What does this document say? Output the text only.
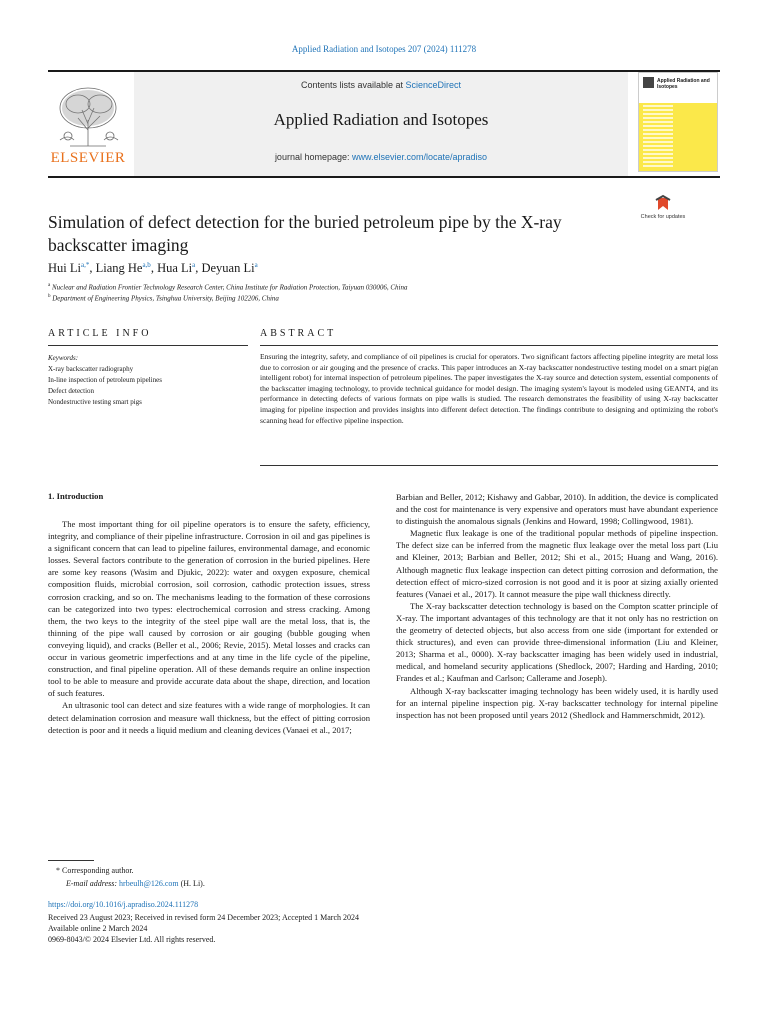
Applied Radiation and Isotopes 207 (2024) 111278
ELSEVIER
Contents lists available at ScienceDirect
Applied Radiation and Isotopes
journal homepage: www.elsevier.com/locate/apradiso
Applied Radiation and Isotopes
Simulation of defect detection for the buried petroleum pipe by the X-ray backscatter imaging
Check for updates
Hui $Li^{a,*}$, Liang He$^{a,b}$, Hua Li$^a$, Deyuan Li$^a$
$^a$ Nuclear and Radiation Frontier Technology Research Center, China Institute for Radiation Protection, Taiyuan 030006, China
$^b$ Department of Engineering Physics, Tsinghua University, Beijing 102206, China
ARTICLE INFO	ABSTRACT
Keywords:
X-ray backscatter radiography
In-line inspection of petroleum pipelines
Defect detection
Nondestructive testing smart pigs
Ensuring the integrity, safety, and compliance of oil pipelines is crucial for operators. Two significant factors affecting pipeline integrity are metal loss due to corrosion or air gouging and the presence of cracks. This paper introduces an X-ray backscatter nondestructive testing model on a smart pig(an intelligent robot) for internal inspection of petroleum pipelines. The paper investigates the X-ray source and detection system, essential components of the backscatter imaging technology, to provide technical guidance for model design. The imaging system's layout is modeled using GEANT4, and its performance in detecting defects of various formats on pipe walls is studied. The research demonstrates the feasibility of using X-ray backscatter imaging for pipeline inspection and provides insights into different defect detection. The findings contribute to designing and optimizing the robot's scanning head for effective pipeline inspection.
1. Introduction

The most important thing for oil pipeline operators is to ensure the safety, efficiency, integrity, and compliance of their pipeline infrastructure. Corrosion in oil and gas pipelines is a significant concern that can lead to pipeline failures, environmental damage, and economic losses. Several factors contribute to the generation of corrosion in the buried pipelines. Here are some key reasons (Wasim and Djukic, 2022): water and oxygen exposure, chemical composition fluids, microbial corrosion, soil corrosion, cathodic protection issues, stress corrosion cracking, and so on. The mechanisms leading to the formation of these corrosions can be categorized into two types: electrochemical corrosion and stress cracking. Among them, the two keys to the integrity of the steel pipe wall are the metal loss, that is, the thinning of the pipe wall caused by corrosion or air gouging (bubble gouging when conveying liquid), and cracks (Beller et al., 2006; Revie, 2015). Metal losses and cracks can occur in various geometric imperfections and at any time in the life cycle of the pipeline, construction, and final pipeline operation. All of these demands require an online inspection tool to be able to measure and provide accurate data about the shape, direction, and location of such features.

An ultrasonic tool can detect and size features with a wide range of morphologies. It can detect delamination corrosion and measure wall thickness, but the effect of pitting corrosion detection is poor and it needs a liquid medium and cleaning devices (Vanaei et al., 2017;

Barbian and Beller, 2012; Kishawy and Gabbar, 2010). In addition, the device is complicated and the cost for maintenance is very expensive and operators must have abundant experience to distinguish the anomalous signals (Jenkins and Howard, 1998; Collingwood, 1981).

Magnetic flux leakage is one of the traditional popular methods of pipeline inspection. The defect size can be inferred from the magnetic flux leakage over the metal loss part (Liu and Kleiner, 2013; Barbian and Beller, 2012; Shi et al., 2015; Huang and Wang, 2016). Although magnetic flux leakage inspection can detect pitting corrosion and deformation, the detection effect of micro-sized corrosion is not good and it is poor at sizing axially oriented features (Vanaei et al., 2017). It cannot measure the pipe wall thickness directly.

The X-ray backscatter detection technology is based on the Compton scatter principle of X-ray. The important advantages of this technology are that it not only has no restriction on the geometry of detected objects, but also access from one side (important for extended or thick structures), and even can provide three-dimensional information (Liu and Kleiner, 2013; Sharma et al., 0000). X-ray backscatter imaging has been widely used in industrial, medical, and homeland security applications (Shedlock, 2007; Harding and Harding, 2010; Frandes et al.; Kaufman and Carlson; Callerame and Joseph).

Although X-ray backscatter imaging technology has been widely used, it is hardly used for an internal pipeline inspection pig. X-ray backscatter technology for internal pipeline inspection has not been proposed until years 2012 (Shedlock and Hammerschmidt, 2012).

* Corresponding author.
E-mail address: hrbeulh@126.com (H. Li).
https://doi.org/10.1016/j.apradiso.2024.111278
Received 23 August 2023; Received in revised form 24 December 2023; Accepted 1 March 2024
Available online 2 March 2024
0969-8043/© 2024 Elsevier Ltd. All rights reserved.
